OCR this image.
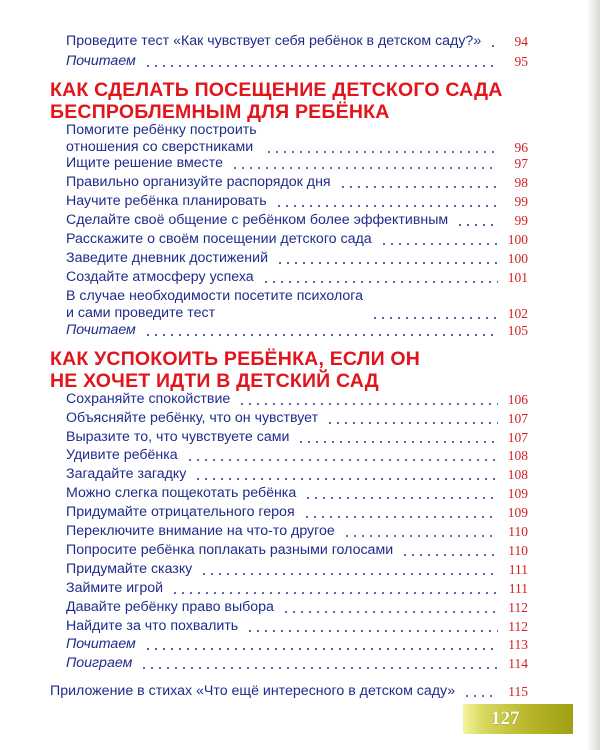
Проведите тест «Как чувствует себя ребёнок в детском саду?»	94
Почитаем	95
КАК СДЕЛАТЬ ПОСЕЩЕНИЕ ДЕТСКОГО САДА
БЕСПРОБЛЕМНЫМ ДЛЯ РЕБЁНКА
Помогите ребёнку построить
отношения со сверстниками	96
Ищите решение вместе	97
Правильно организуйте распорядок дня	98
Научите ребёнка планировать	99
Сделайте своё общение с ребёнком более эффективным	99
Расскажите о своём посещении детского сада	100
Заведите дневник достижений	100
Создайте атмосферу успеха	101
В случае необходимости посетите психолога
и сами проведите тест	102
Почитаем	105
КАК УСПОКОИТЬ РЕБЁНКА, ЕСЛИ ОН
НЕ ХОЧЕТ ИДТИ В ДЕТСКИЙ САД
Сохраняйте спокойствие	106
Объясняйте ребёнку, что он чувствует	107
Выразите то, что чувствуете сами	107
Удивите ребёнка	108
Загадайте загадку	108
Можно слегка пощекотать ребёнка	109
Придумайте отрицательного героя	109
Переключите внимание на что-то другое	110
Попросите ребёнка поплакать разными голосами	110
Придумайте сказку	111
Займите игрой	111
Давайте ребёнку право выбора	112
Найдите за что похвалить	112
Почитаем	113
Поиграем	114
Приложение в стихах «Что ещё интересного в детском саду»	115
127
